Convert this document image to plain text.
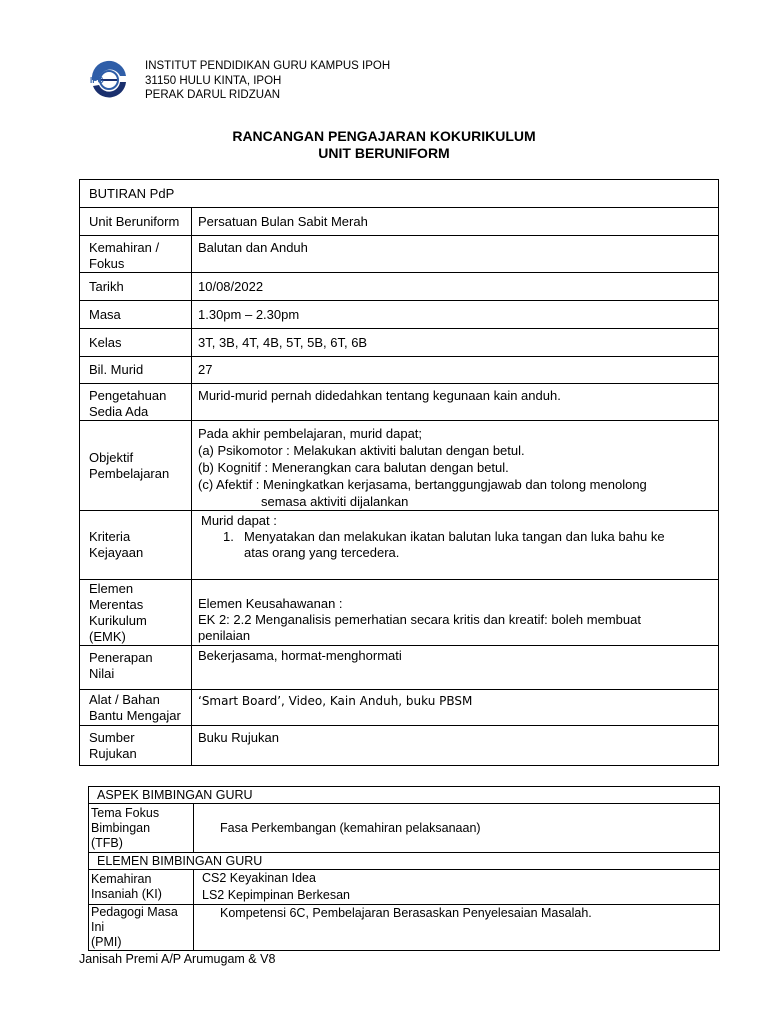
IPG
INSTITUT PENDIDIKAN GURU KAMPUS IPOH
31150 HULU KINTA, IPOH
PERAK DARUL RIDZUAN
RANCANGAN PENGAJARAN KOKURIKULUM
UNIT BERUNIFORM
BUTIRAN PdP	
Unit Beruniform	Persatuan Bulan Sabit Merah

Kemahiran /
Fokus	Balutan dan Anduh
Tarikh	10/08/2022
Masa	1.30pm – 2.30pm
Kelas	3T, 3B, 4T, 4B, 5T, 5B, 6T, 6B
Bil. Murid	27

Pengetahuan
Sedia Ada	Murid-murid pernah didedahkan tentang kegunaan kain anduh.

Objektif
Pembelajaran	Pada akhir pembelajaran, murid dapat;
(a) Psikomotor : Melakukan aktiviti balutan dengan betul.
(b) Kognitif : Menerangkan cara balutan dengan betul.
(c) Afektif : Meningkatkan kerjasama, bertanggungjawab dan tolong menolong
semasa aktiviti dijalankan

Kriteria
Kejayaan	Murid dapat :
1. Menyatakan dan melakukan ikatan balutan luka tangan dan luka bahu ke
atas orang yang tercedera.

Elemen
Merentas
Kurikulum
(EMK)	Elemen Keusahawanan :
EK 2: 2.2 Menganalisis pemerhatian secara kritis dan kreatif: boleh membuat
penilaian

Penerapan
Nilai	Bekerjasama, hormat-menghormati

Alat / Bahan
Bantu Mengajar	‘Smart Board’, Video, Kain Anduh, buku PBSM

Sumber
Rujukan	Buku Rujukan
ASPEK BIMBINGAN GURU	

Tema Fokus
Bimbingan
(TFB)	Fasa Perkembangan (kemahiran pelaksanaan)
ELEMEN BIMBINGAN GURU	

Kemahiran
Insaniah (KI)	CS2 Keyakinan Idea
LS2 Kepimpinan Berkesan

Pedagogi Masa Ini
(PMI)	Kompetensi 6C, Pembelajaran Berasaskan Penyelesaian Masalah.
Janisah Premi A/P Arumugam & V8
